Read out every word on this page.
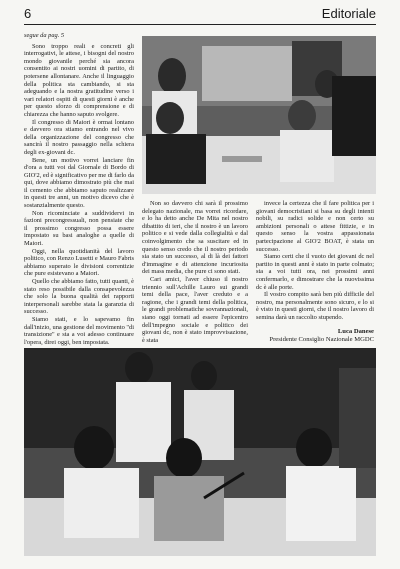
6	Editoriale

segue da pag. 5

Sono troppo reali e concreti gli interrogativi, le attese, i bisogni del nostro mondo giovanile perché sia ancora consentito ai nostri uomini di partito, di potersene allontanare. Anche il linguaggio della politica sta cambiando, si sta adeguando e la nostra gratitudine verso i vari relatori ospiti di questi giorni è anche per questo sforzo di comprensione e di chiarezza che hanno saputo svolgere.

Il congresso di Maiori è ormai lontano e davvero ora stiamo entrando nel vivo della organizzazione del congresso che sancirà il nostro passaggio nella schiera degli ex-giovani dc.

Bene, un motivo vorrei lanciare fin d'ora a tutti voi dal Giornale di Bordo di GIO'2, ed è significativo per me di farlo da qui, dove abbiamo dimostrato più che mai il cemento che abbiamo saputo realizzare in questi tre anni, un motivo dicevo che è sostanzialmente questo.

Non ricominciate a suddividervi in fazioni precongressuali, non pensiate che il prossimo congresso possa essere impostato su basi analoghe a quelle di Maiori.

Oggi, nella quotidianità del lavoro politico, con Renzo Lusetti e Mauro Fabris abbiamo superato le divisioni correntizie che pure esistevano a Maiori.

Quello che abbiamo fatto, tutti quanti, è stato reso possibile dalla consapevolezza che solo la buona qualità dei rapporti interpersonali sarebbe stata la garanzia di successo.

Siamo stati, e lo sapevamo fin dall'inizio, una gestione del movimento "di transizione" e sta a voi adesso continuare l'opera, direi oggi, ben impostata.

Non so davvero chi sarà il prossimo delegato nazionale, ma vorrei ricordare, e lo ha detto anche De Mita nel nostro dibattito di ieri, che il nostro è un lavoro politico e si vede dalla collegialità e dal coinvolgimento che sa suscitare ed in questo senso credo che il nostro periodo sia stato un successo, al di là dei fattori d'immagine e di attenzione incuriosita dei mass media, che pure ci sono stati.

Cari amici, l'aver chiuso il nostro triennio sull'Achille Lauro sui grandi temi della pace, l'aver creduto e a ragione, che i grandi temi della politica, le grandi problematiche sovrannazionali, siano oggi tornati ad essere l'epicentro dell'impegno sociale e politico dei giovani dc, non è stato improvvisazione, è stata

invece la certezza che il fare politica per i giovani democristiani si basa su degli intenti nobili, su radici solide e non certo su ambizioni personali o attese fittizie, e in questo senso la vostra appassionata partecipazione al GIO'2 BOAT, è stata un successo.

Siamo certi che il vuoto dei giovani dc nel partito in questi anni è stato in parte colmato; sta a voi tutti ora, nei prossimi anni confermarlo, e dimostrare che la nuovissima dc è alle porte.

Il vostro compito sarà ben più difficile del nostro, ma personalmente sono sicuro, e lo si è visto in questi giorni, che il nostro lavoro di semina darà un raccolto stupendo.

Luca Danese
Presidente Consiglio Nazionale MGDC
